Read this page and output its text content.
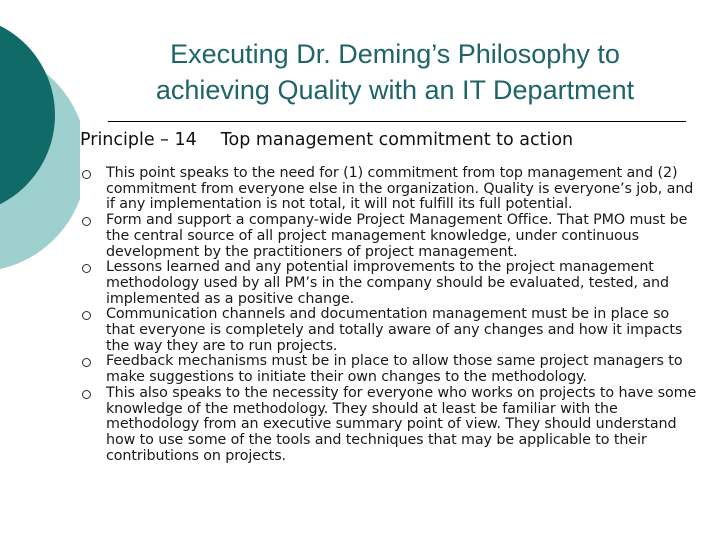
Executing Dr. Deming’s Philosophy to
achieving Quality with an IT Department
Principle – 14 Top management commitment to action
This point speaks to the need for (1) commitment from top management and (2) commitment from everyone else in the organization. Quality is everyone’s job, and if any implementation is not total, it will not fulfill its full potential.
Form and support a company-wide Project Management Office. That PMO must be the central source of all project management knowledge, under continuous development by the practitioners of project management.
Lessons learned and any potential improvements to the project management methodology used by all PM’s in the company should be evaluated, tested, and implemented as a positive change.
Communication channels and documentation management must be in place so that everyone is completely and totally aware of any changes and how it impacts the way they are to run projects.
Feedback mechanisms must be in place to allow those same project managers to make suggestions to initiate their own changes to the methodology.
This also speaks to the necessity for everyone who works on projects to have some knowledge of the methodology. They should at least be familiar with the methodology from an executive summary point of view. They should understand how to use some of the tools and techniques that may be applicable to their contributions on projects.
